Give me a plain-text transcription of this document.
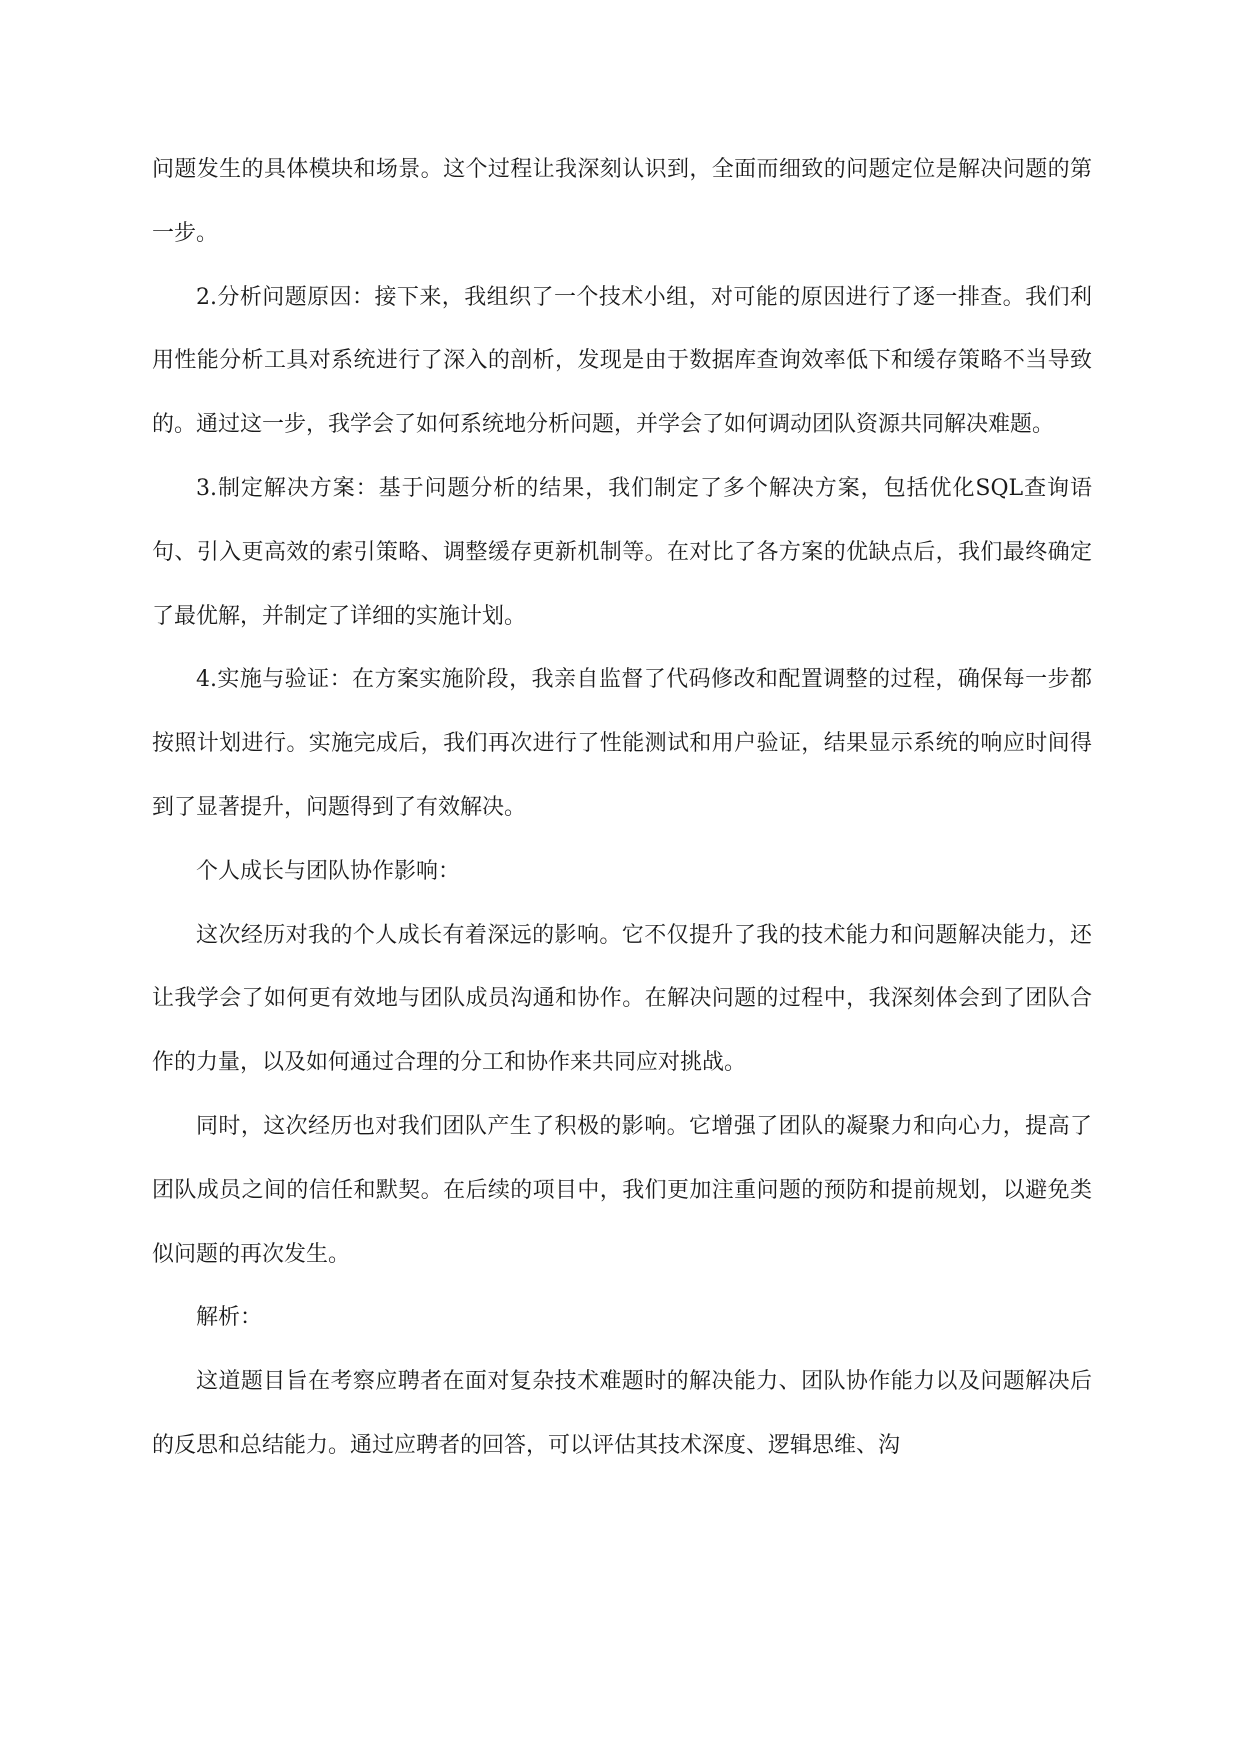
问题发生的具体模块和场景。这个过程让我深刻认识到，全面而细致的问题定位是解决问题的第一步。

2.分析问题原因：接下来，我组织了一个技术小组，对可能的原因进行了逐一排查。我们利用性能分析工具对系统进行了深入的剖析，发现是由于数据库查询效率低下和缓存策略不当导致的。通过这一步，我学会了如何系统地分析问题，并学会了如何调动团队资源共同解决难题。

3.制定解决方案：基于问题分析的结果，我们制定了多个解决方案，包括优化SQL查询语句、引入更高效的索引策略、调整缓存更新机制等。在对比了各方案的优缺点后，我们最终确定了最优解，并制定了详细的实施计划。

4.实施与验证：在方案实施阶段，我亲自监督了代码修改和配置调整的过程，确保每一步都按照计划进行。实施完成后，我们再次进行了性能测试和用户验证，结果显示系统的响应时间得到了显著提升，问题得到了有效解决。

个人成长与团队协作影响：

这次经历对我的个人成长有着深远的影响。它不仅提升了我的技术能力和问题解决能力，还让我学会了如何更有效地与团队成员沟通和协作。在解决问题的过程中，我深刻体会到了团队合作的力量，以及如何通过合理的分工和协作来共同应对挑战。

同时，这次经历也对我们团队产生了积极的影响。它增强了团队的凝聚力和向心力，提高了团队成员之间的信任和默契。在后续的项目中，我们更加注重问题的预防和提前规划，以避免类似问题的再次发生。

解析：

这道题目旨在考察应聘者在面对复杂技术难题时的解决能力、团队协作能力以及问题解决后的反思和总结能力。通过应聘者的回答，可以评估其技术深度、逻辑思维、沟
